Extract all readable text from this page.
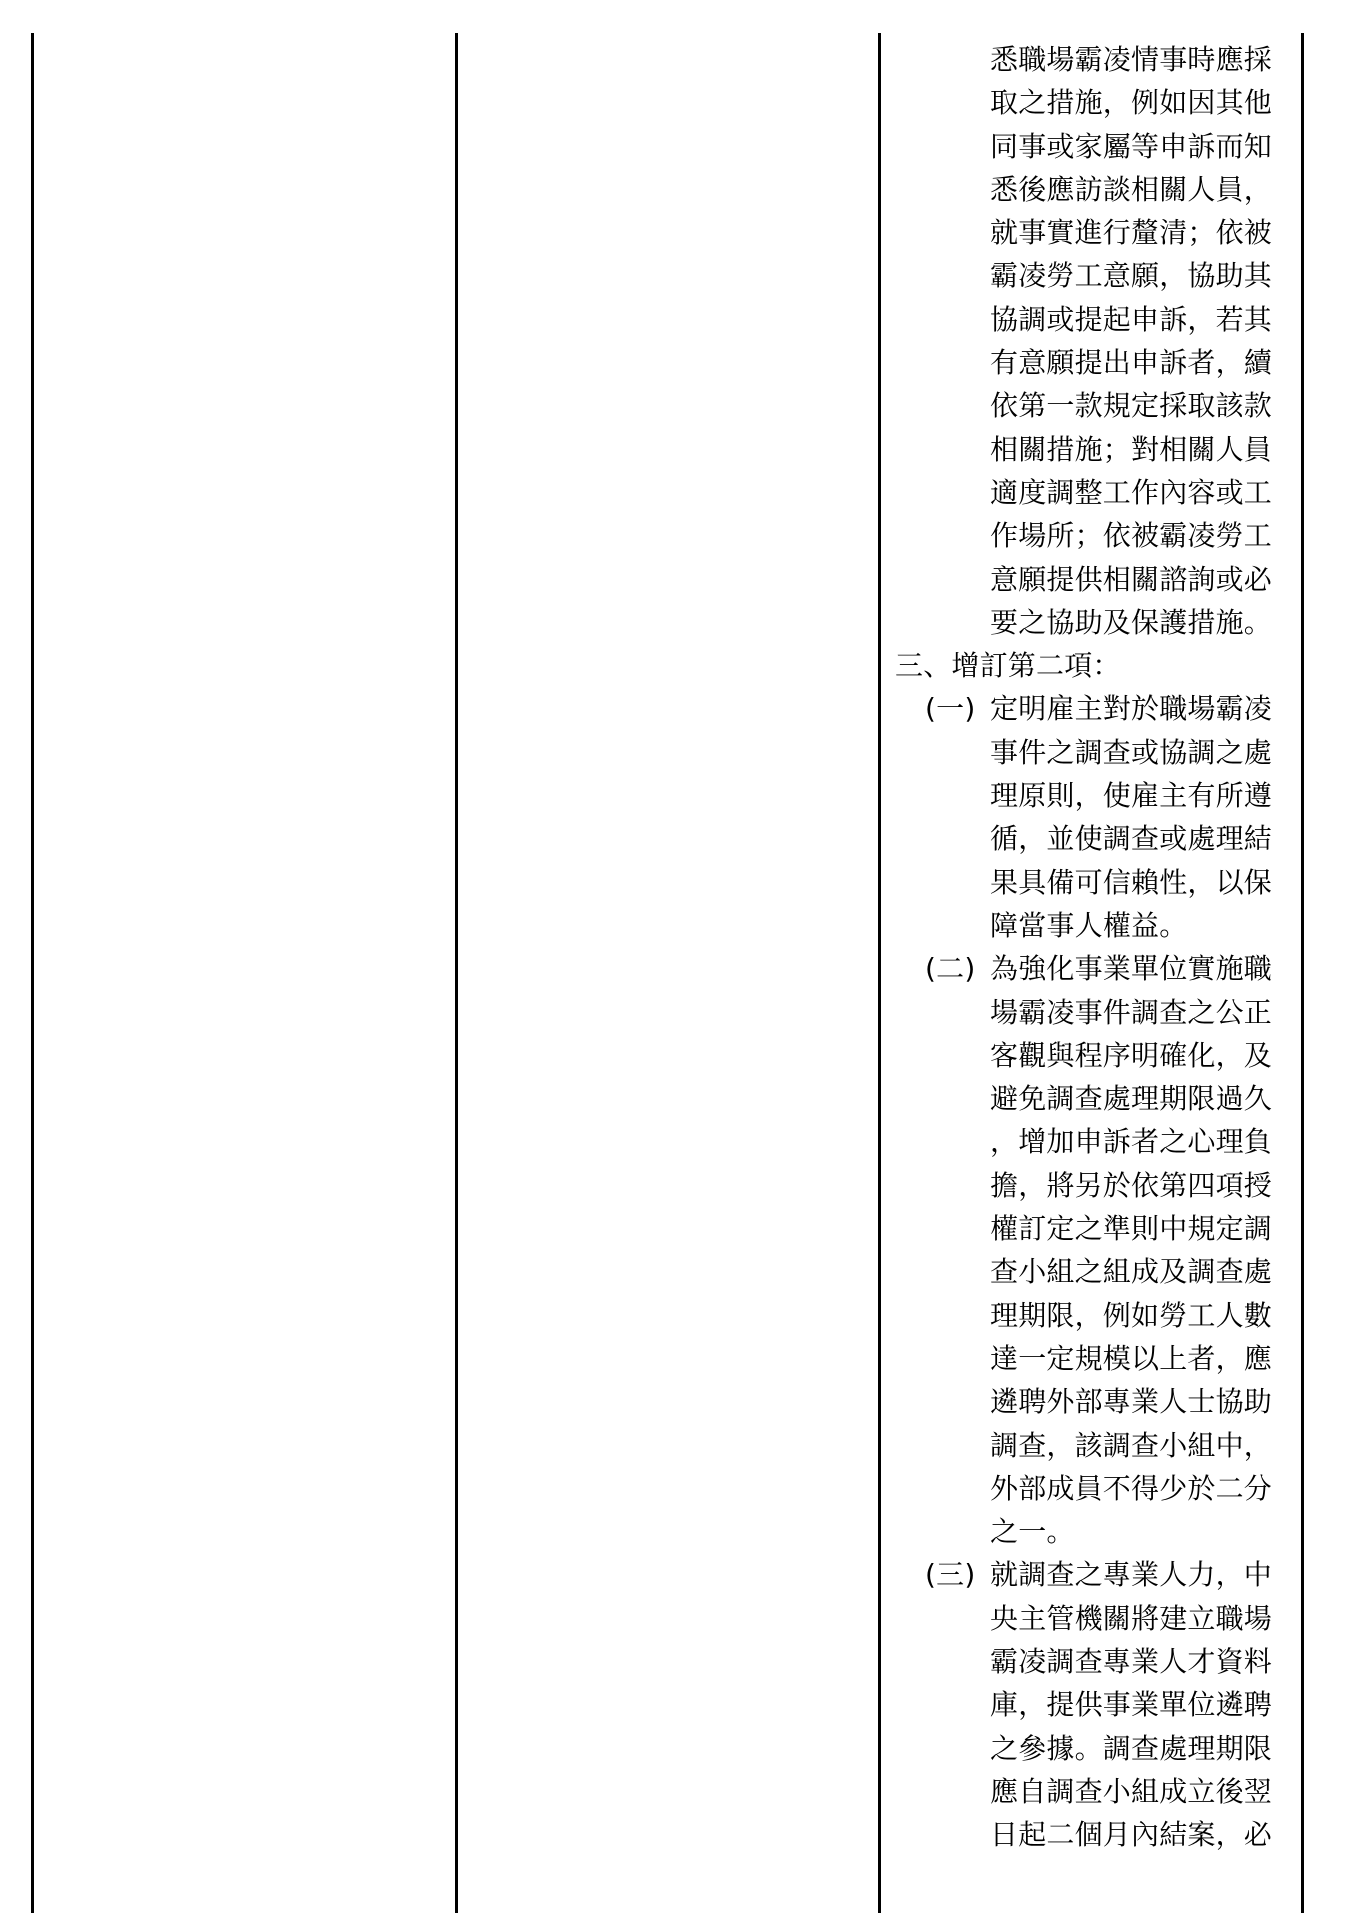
悉職場霸凌情事時應採
取之措施，例如因其他
同事或家屬等申訴而知
悉後應訪談相關人員，
就事實進行釐清；依被
霸凌勞工意願，協助其
協調或提起申訴，若其
有意願提出申訴者，續
依第一款規定採取該款
相關措施；對相關人員
適度調整工作內容或工
作場所；依被霸凌勞工
意願提供相關諮詢或必
要之協助及保護措施。
三、增訂第二項：
(一) 定明雇主對於職場霸凌
事件之調查或協調之處
理原則，使雇主有所遵
循，並使調查或處理結
果具備可信賴性，以保
障當事人權益。
(二) 為強化事業單位實施職
場霸凌事件調查之公正
客觀與程序明確化，及
避免調查處理期限過久
，增加申訴者之心理負
擔，將另於依第四項授
權訂定之準則中規定調
查小組之組成及調查處
理期限，例如勞工人數
達一定規模以上者，應
遴聘外部專業人士協助
調查，該調查小組中，
外部成員不得少於二分
之一。
(三) 就調查之專業人力，中
央主管機關將建立職場
霸凌調查專業人才資料
庫，提供事業單位遴聘
之參據。調查處理期限
應自調查小組成立後翌
日起二個月內結案，必
